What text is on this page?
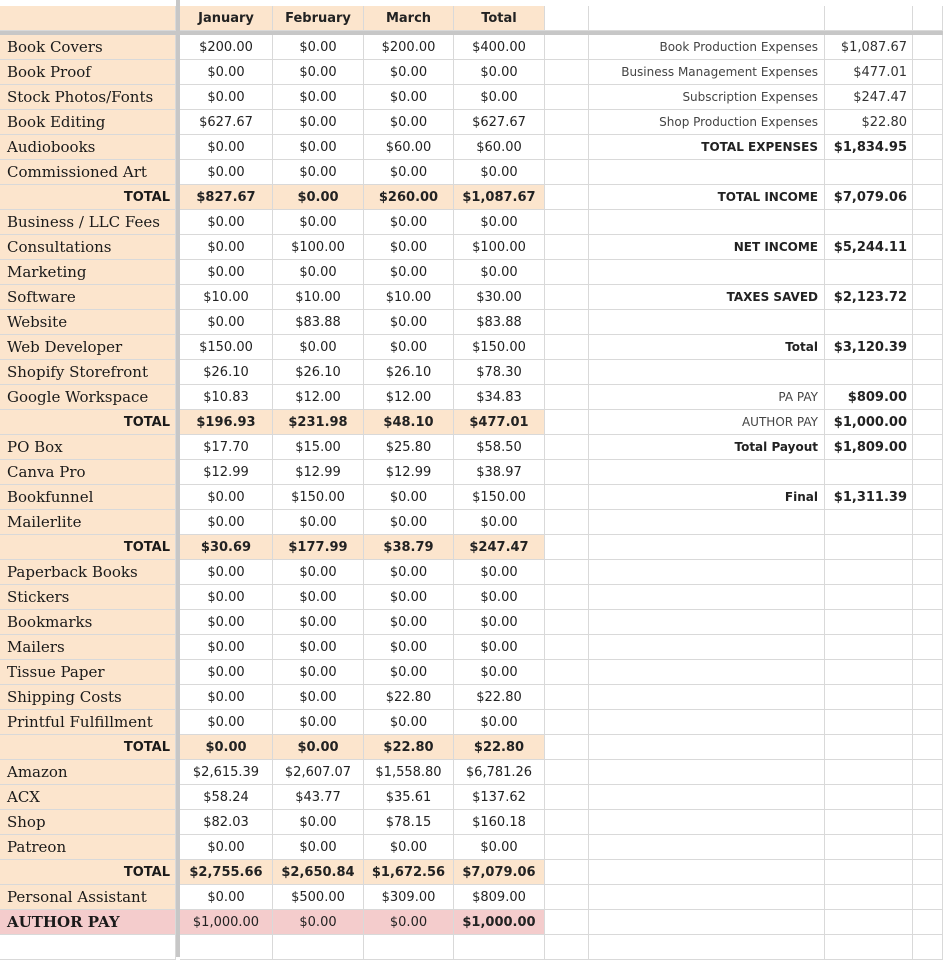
January	February	March	Total
Book Covers	$200.00	$0.00	$200.00	$400.00	Book Production Expenses	$1,087.67
Book Proof	$0.00	$0.00	$0.00	$0.00	Business Management Expenses	$477.01
Stock Photos/Fonts	$0.00	$0.00	$0.00	$0.00	Subscription Expenses	$247.47
Book Editing	$627.67	$0.00	$0.00	$627.67	Shop Production Expenses	$22.80
Audiobooks	$0.00	$0.00	$60.00	$60.00	TOTAL EXPENSES	$1,834.95
Commissioned Art	$0.00	$0.00	$0.00	$0.00
TOTAL	$827.67	$0.00	$260.00	$1,087.67	TOTAL INCOME	$7,079.06
Business / LLC Fees	$0.00	$0.00	$0.00	$0.00
Consultations	$0.00	$100.00	$0.00	$100.00	NET INCOME	$5,244.11
Marketing	$0.00	$0.00	$0.00	$0.00
Software	$10.00	$10.00	$10.00	$30.00	TAXES SAVED	$2,123.72
Website	$0.00	$83.88	$0.00	$83.88
Web Developer	$150.00	$0.00	$0.00	$150.00	Total	$3,120.39
Shopify Storefront	$26.10	$26.10	$26.10	$78.30
Google Workspace	$10.83	$12.00	$12.00	$34.83	PA PAY	$809.00
TOTAL	$196.93	$231.98	$48.10	$477.01	AUTHOR PAY	$1,000.00
PO Box	$17.70	$15.00	$25.80	$58.50	Total Payout	$1,809.00
Canva Pro	$12.99	$12.99	$12.99	$38.97
Bookfunnel	$0.00	$150.00	$0.00	$150.00	Final	$1,311.39
Mailerlite	$0.00	$0.00	$0.00	$0.00
TOTAL	$30.69	$177.99	$38.79	$247.47
Paperback Books	$0.00	$0.00	$0.00	$0.00
Stickers	$0.00	$0.00	$0.00	$0.00
Bookmarks	$0.00	$0.00	$0.00	$0.00
Mailers	$0.00	$0.00	$0.00	$0.00
Tissue Paper	$0.00	$0.00	$0.00	$0.00
Shipping Costs	$0.00	$0.00	$22.80	$22.80
Printful Fulfillment	$0.00	$0.00	$0.00	$0.00
TOTAL	$0.00	$0.00	$22.80	$22.80
Amazon	$2,615.39	$2,607.07	$1,558.80	$6,781.26
ACX	$58.24	$43.77	$35.61	$137.62
Shop	$82.03	$0.00	$78.15	$160.18
Patreon	$0.00	$0.00	$0.00	$0.00
TOTAL	$2,755.66	$2,650.84	$1,672.56	$7,079.06
Personal Assistant	$0.00	$500.00	$309.00	$809.00
AUTHOR PAY	$1,000.00	$0.00	$0.00	$1,000.00
